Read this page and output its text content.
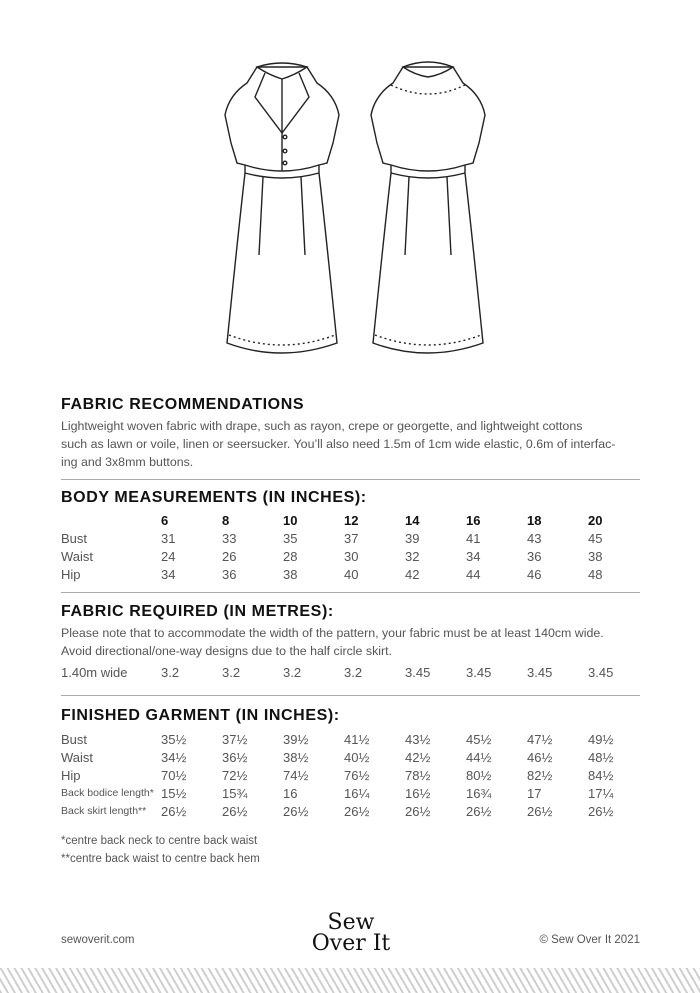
FABRIC RECOMMENDATIONS
Lightweight woven fabric with drape, such as rayon, crepe or georgette, and lightweight cottons
such as lawn or voile, linen or seersucker. You’ll also need 1.5m of 1cm wide elastic, 0.6m of interfac-
ing and 3x8mm buttons.
BODY MEASUREMENTS (IN INCHES):
	6	8	10	12	14	16	18	20
Bust	31	33	35	37	39	41	43	45
Waist	24	26	28	30	32	34	36	38
Hip	34	36	38	40	42	44	46	48
FABRIC REQUIRED (IN METRES):
Please note that to accommodate the width of the pattern, your fabric must be at least 140cm wide.
Avoid directional/one-way designs due to the half circle skirt.
1.40m wide	3.2	3.2	3.2	3.2	3.45	3.45	3.45	3.45
FINISHED GARMENT (IN INCHES):
Bust	35½	37½	39½	41½	43½	45½	47½	49½
Waist	34½	36½	38½	40½	42½	44½	46½	48½
Hip	70½	72½	74½	76½	78½	80½	82½	84½
Back bodice length*	15½	15¾	16	16¼	16½	16¾	17	17¼
Back skirt length**	26½	26½	26½	26½	26½	26½	26½	26½
*centre back neck to centre back waist
**centre back waist to centre back hem
sewoverit.com
Sew
Over It	© Sew Over It 2021
